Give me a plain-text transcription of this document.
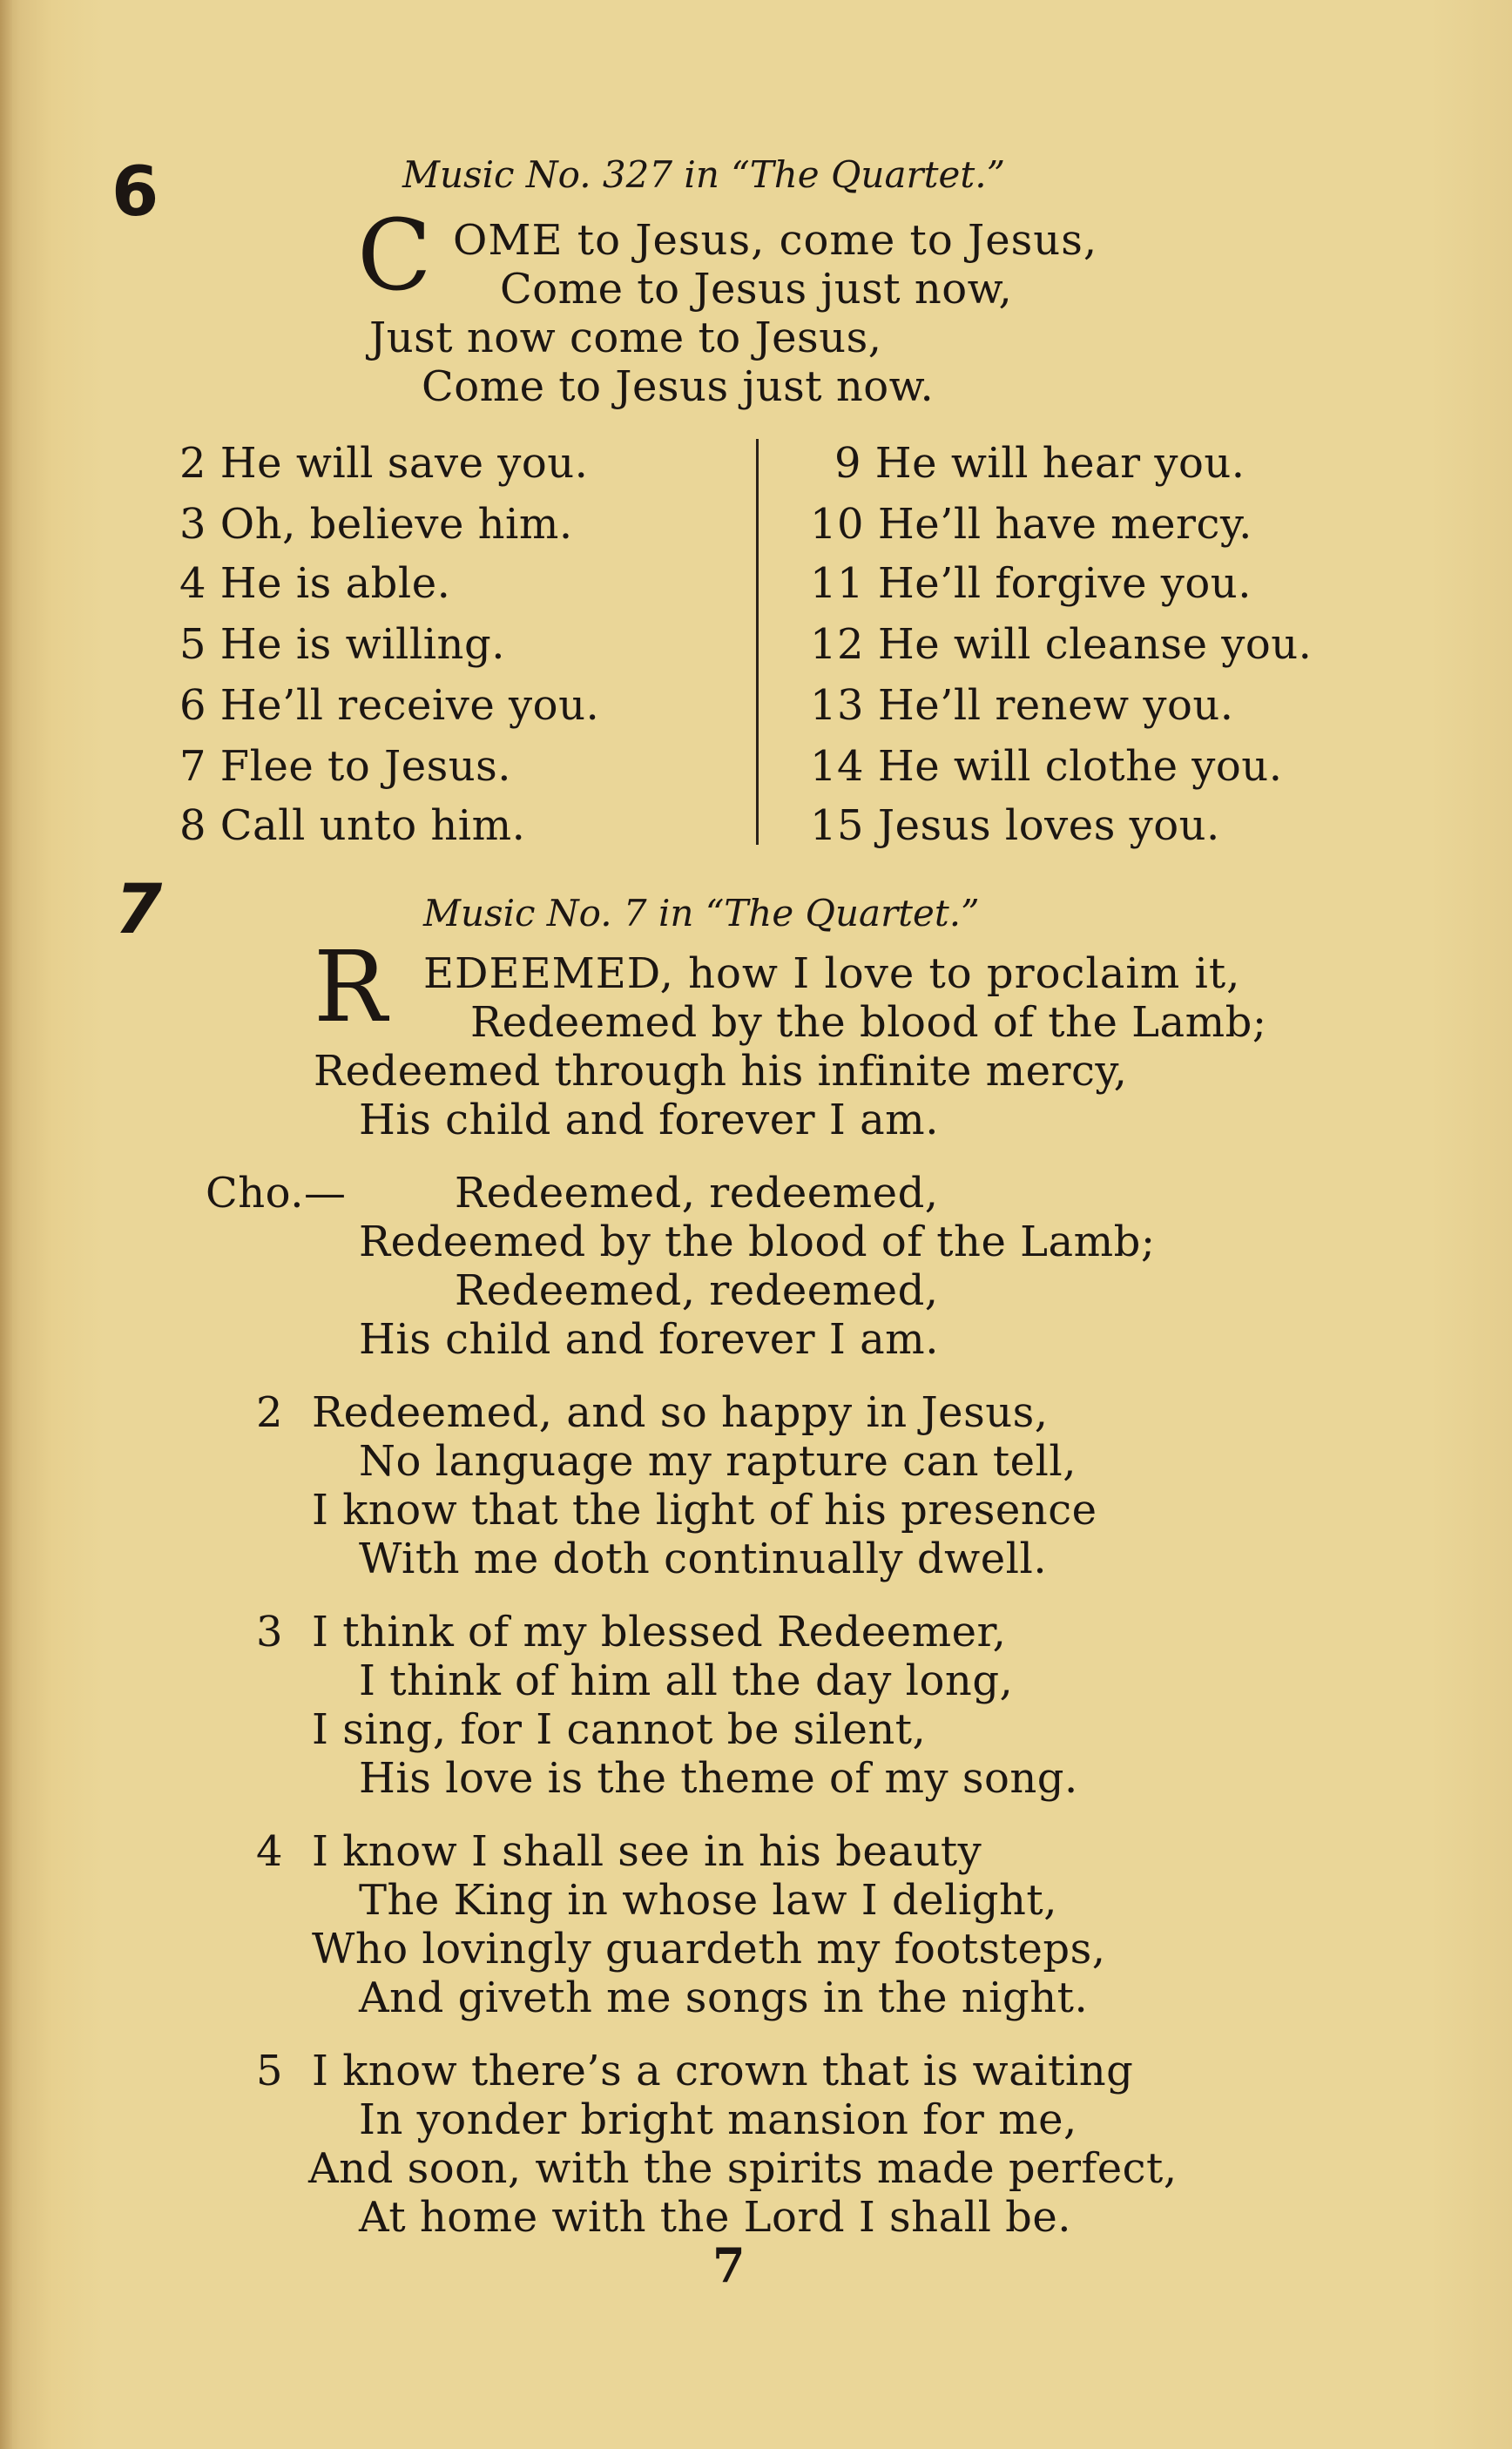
6	Music No. 327 in “The Quartet.”
C OME to Jesus, come to Jesus,
Come to Jesus just now,
Just now come to Jesus,
Come to Jesus just now.
2 He will save you.
3 Oh, believe him.
4 He is able.
5 He is willing.
6 He’ll receive you.
7 Flee to Jesus.
8 Call unto him.
9 He will hear you.
10 He’ll have mercy.
11 He’ll forgive you.
12 He will cleanse you.
13 He’ll renew you.
14 He will clothe you.
15 Jesus loves you.
7	Music No. 7 in “The Quartet.”
R EDEEMED, how I love to proclaim it,
Redeemed by the blood of the Lamb;
Redeemed through his infinite mercy,
His child and forever I am.
Cho.—	Redeemed, redeemed,
Redeemed by the blood of the Lamb;
Redeemed, redeemed,
His child and forever I am.
2 Redeemed, and so happy in Jesus,
No language my rapture can tell,
I know that the light of his presence
With me doth continually dwell.
3 I think of my blessed Redeemer,
I think of him all the day long,
I sing, for I cannot be silent,
His love is the theme of my song.
4 I know I shall see in his beauty
The King in whose law I delight,
Who lovingly guardeth my footsteps,
And giveth me songs in the night.
5 I know there’s a crown that is waiting
In yonder bright mansion for me,
And soon, with the spirits made perfect,
At home with the Lord I shall be.
7
